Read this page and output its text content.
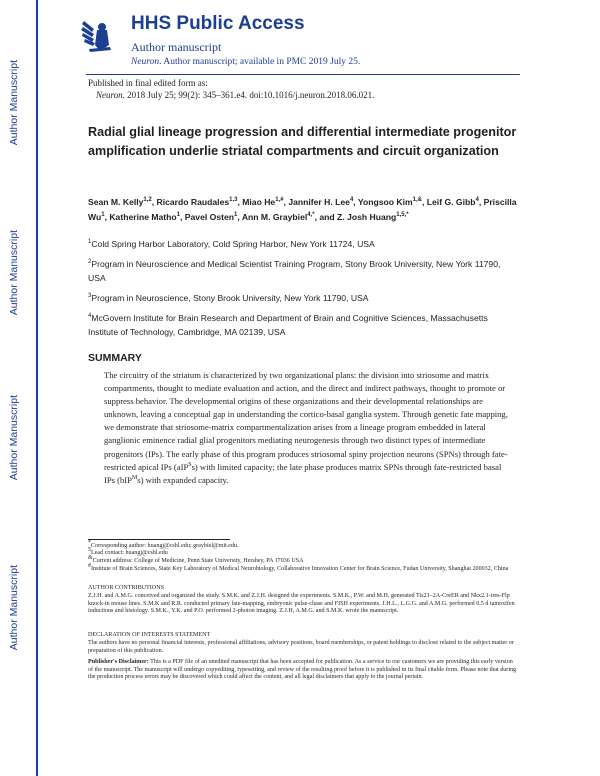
Author Manuscript
Author Manuscript
Author Manuscript
Author Manuscript
HHS Public Access
Author manuscript
Neuron. Author manuscript; available in PMC 2019 July 25.
Published in final edited form as:
Neuron. 2018 July 25; 99(2): 345–361.e4. doi:10.1016/j.neuron.2018.06.021.
Radial glial lineage progression and differential intermediate progenitor amplification underlie striatal compartments and circuit organization
Sean M. Kelly$^{1,2}$, Ricardo Raudales$^{1,3}$, Miao $He^{1,\#}$, Jannifer H. Lee$^4$, Yongsoo Kim$^{1,\&}$, Leif G. Gibb$^4$, Priscilla Wu$^1$, Katherine Matho$^1$, Pavel Osten$^1$, Ann M. Graybiel$^{4,*}$, and Z. Josh Huang$^{1,5,*}$
$^1$Cold Spring Harbor Laboratory, Cold Spring Harbor, New York 11724, USA
$^2$Program in Neuroscience and Medical Scientist Training Program, Stony Brook University, New York 11790, USA
$^3$Program in Neuroscience, Stony Brook University, New York 11790, USA
$^4$McGovern Institute for Brain Research and Department of Brain and Cognitive Sciences, Massachusetts Institute of Technology, Cambridge, MA 02139, USA
SUMMARY

The circuitry of the striatum is characterized by two organizational plans: the division into striosome and matrix compartments, thought to mediate evaluation and action, and the direct and indirect pathways, thought to promote or suppress behavior. The developmental origins of these organizations and their developmental relationships are unknown, leaving a conceptual gap in understanding the cortico-basal ganglia system. Through genetic fate mapping, we demonstrate that striosome-matrix compartmentalization arises from a lineage program embedded in lateral ganglionic eminence radial glial progenitors mediating neurogenesis through two distinct types of intermediate progenitors (IPs). The early phase of this program produces striosomal spiny projection neurons (SPNs) through fate-restricted apical IPs (aIP$^S$s) with limited capacity; the late phase produces matrix SPNs through fate-restricted basal IPs (bIP$^M$s) with expanded capacity.

*Corresponding author: huangj@cshl.edu; graybiel@mit.edu.

$^5$Lead contact: huangj@cshl.edu

&Current address: College of Medicine, Penn State University, Hershey, PA 17036 USA

#Institute of Brain Sciences, State Key Laboratory of Medical Neurobiology, Collaborative Innovation Center for Brain Science, Fudan University, Shanghai 200032, China

AUTHOR CONTRIBUTIONS

Z.J.H. and A.M.G. conceived and organized the study. S.M.K. and Z.J.H. designed the experiments. S.M.K., P.W. and M.H. generated Tis21–2A-CreER and Nkx2.1-ires-Flp knock-in mouse lines. S.M.K and R.R. conducted primary fate-mapping, embryonic pulse-chase and FISH experiments. J.H.L., L.G.G. and A.M.G. performed 0.5 d tamoxifen inductions and histology. S.M.K., Y.K. and P.O. performed 2-photon imaging. Z.J.H, A.M.G. and S.M.K. wrote the manuscript.

DECLARATION OF INTERESTS STATEMENT

The authors have no personal financial interests, professional affiliations, advisory positions, board memberships, or patent holdings to disclose related to the subject matter or preparation of this publication.

Publisher's Disclaimer: This is a PDF file of an unedited manuscript that has been accepted for publication. As a service to our customers we are providing this early version of the manuscript. The manuscript will undergo copyediting, typesetting, and review of the resulting proof before it is published in its final citable form. Please note that during the production process errors may be discovered which could affect the content, and all legal disclaimers that apply to the journal pertain.
